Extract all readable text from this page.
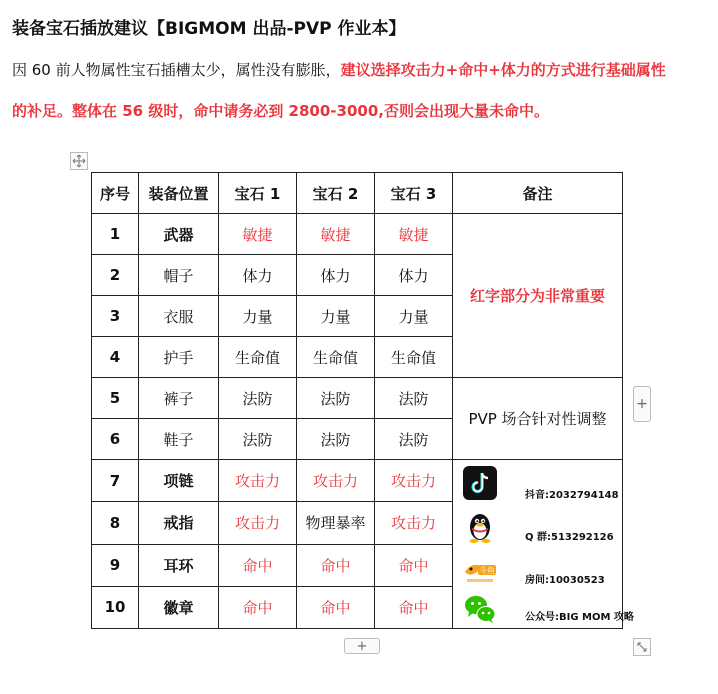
装备宝石插放建议【BIGMOM 出品-PVP 作业本】
因 60 前人物属性宝石插槽太少，属性没有膨胀，建议选择攻击力+命中+体力的方式进行基础属性
的补足。整体在 56 级时，命中请务必到 2800-3000,否则会出现大量未命中。
序号	装备位置	宝石 1	宝石 2	宝石 3	备注
1	武器	敏捷	敏捷	敏捷	红字部分为非常重要
2	帽子	体力	体力	体力	
3	衣服	力量	力量	力量	
4	护手	生命值	生命值	生命值	
5	裤子	法防	法防	法防	PVP 场合针对性调整
6	鞋子	法防	法防	法防	
7	项链	攻击力	攻击力	攻击力	抖音:2032794148
Q 群:513292126
斗鱼
房间:10030523
公众号:BIG MOM 攻略

8	戒指	攻击力	物理暴率	攻击力	
9	耳环	命中	命中	命中	
10	徽章	命中	命中	命中	
+
+
